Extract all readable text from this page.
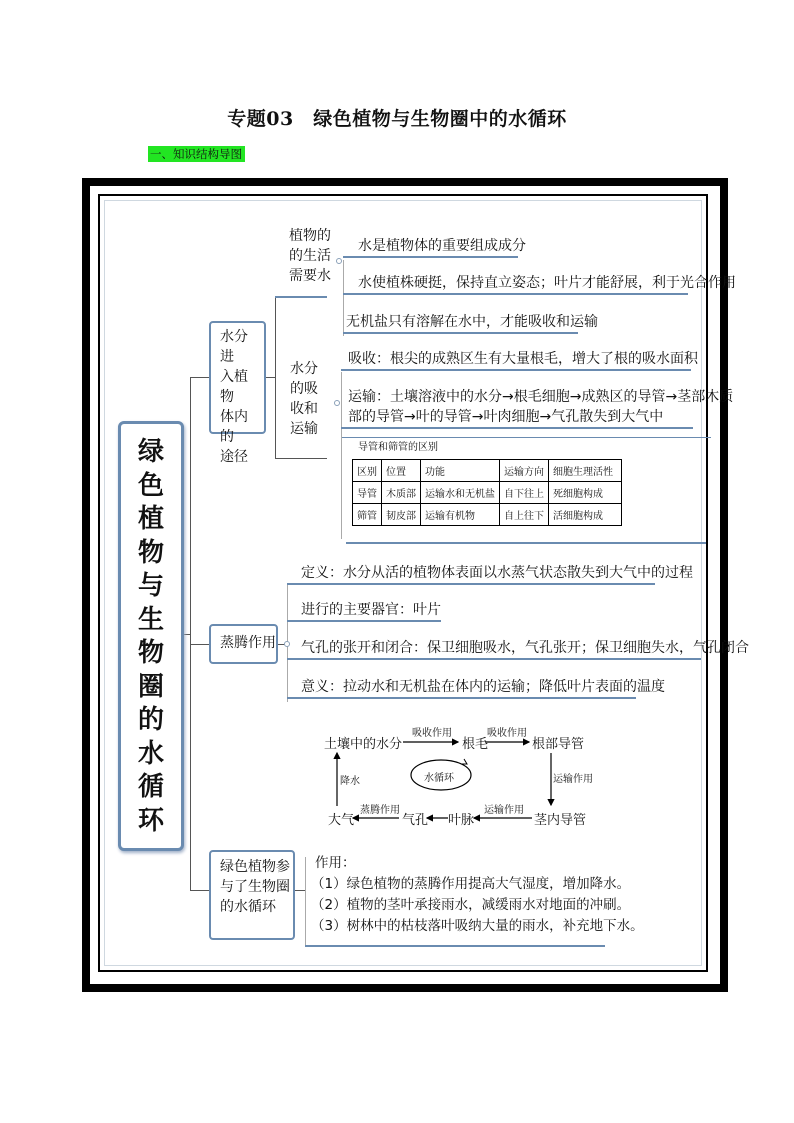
专题03　绿色植物与生物圈中的水循环
一、知识结构导图
绿
色
植
物
与
生
物
圈
的
水
循
环
水分进
入植物
体内的
途径
植物的
的生活
需要水
水是植物体的重要组成成分
水使植株硬挺，保持直立姿态；叶片才能舒展，利于光合作用
无机盐只有溶解在水中，才能吸收和运输
水分
的吸
收和
运输
吸收：根尖的成熟区生有大量根毛，增大了根的吸水面积
运输：土壤溶液中的水分→根毛细胞→成熟区的导管→茎部木质
部的导管→叶的导管→叶肉细胞→气孔散失到大气中
导管和筛管的区别
区别	位置	功能	运输方向	细胞生理活性
导管	木质部	运输水和无机盐	自下往上	死细胞构成
筛管	韧皮部	运输有机物	自上往下	活细胞构成
蒸腾作用
定义：水分从活的植物体表面以水蒸气状态散失到大气中的过程
进行的主要器官：叶片
气孔的张开和闭合：保卫细胞吸水，气孔张开；保卫细胞失水，气孔闭合
意义：拉动水和无机盐在体内的运输；降低叶片表面的温度
土壤中的水分	根毛	根部导管
茎内导管
叶脉
气孔
大气
水循环
吸收作用	吸收作用
运输作用
运输作用
蒸腾作用
降水
绿色植物参
与了生物圈
的水循环
作用：
（1）绿色植物的蒸腾作用提高大气湿度，增加降水。
（2）植物的茎叶承接雨水，减缓雨水对地面的冲刷。
（3）树林中的枯枝落叶吸纳大量的雨水，补充地下水。
